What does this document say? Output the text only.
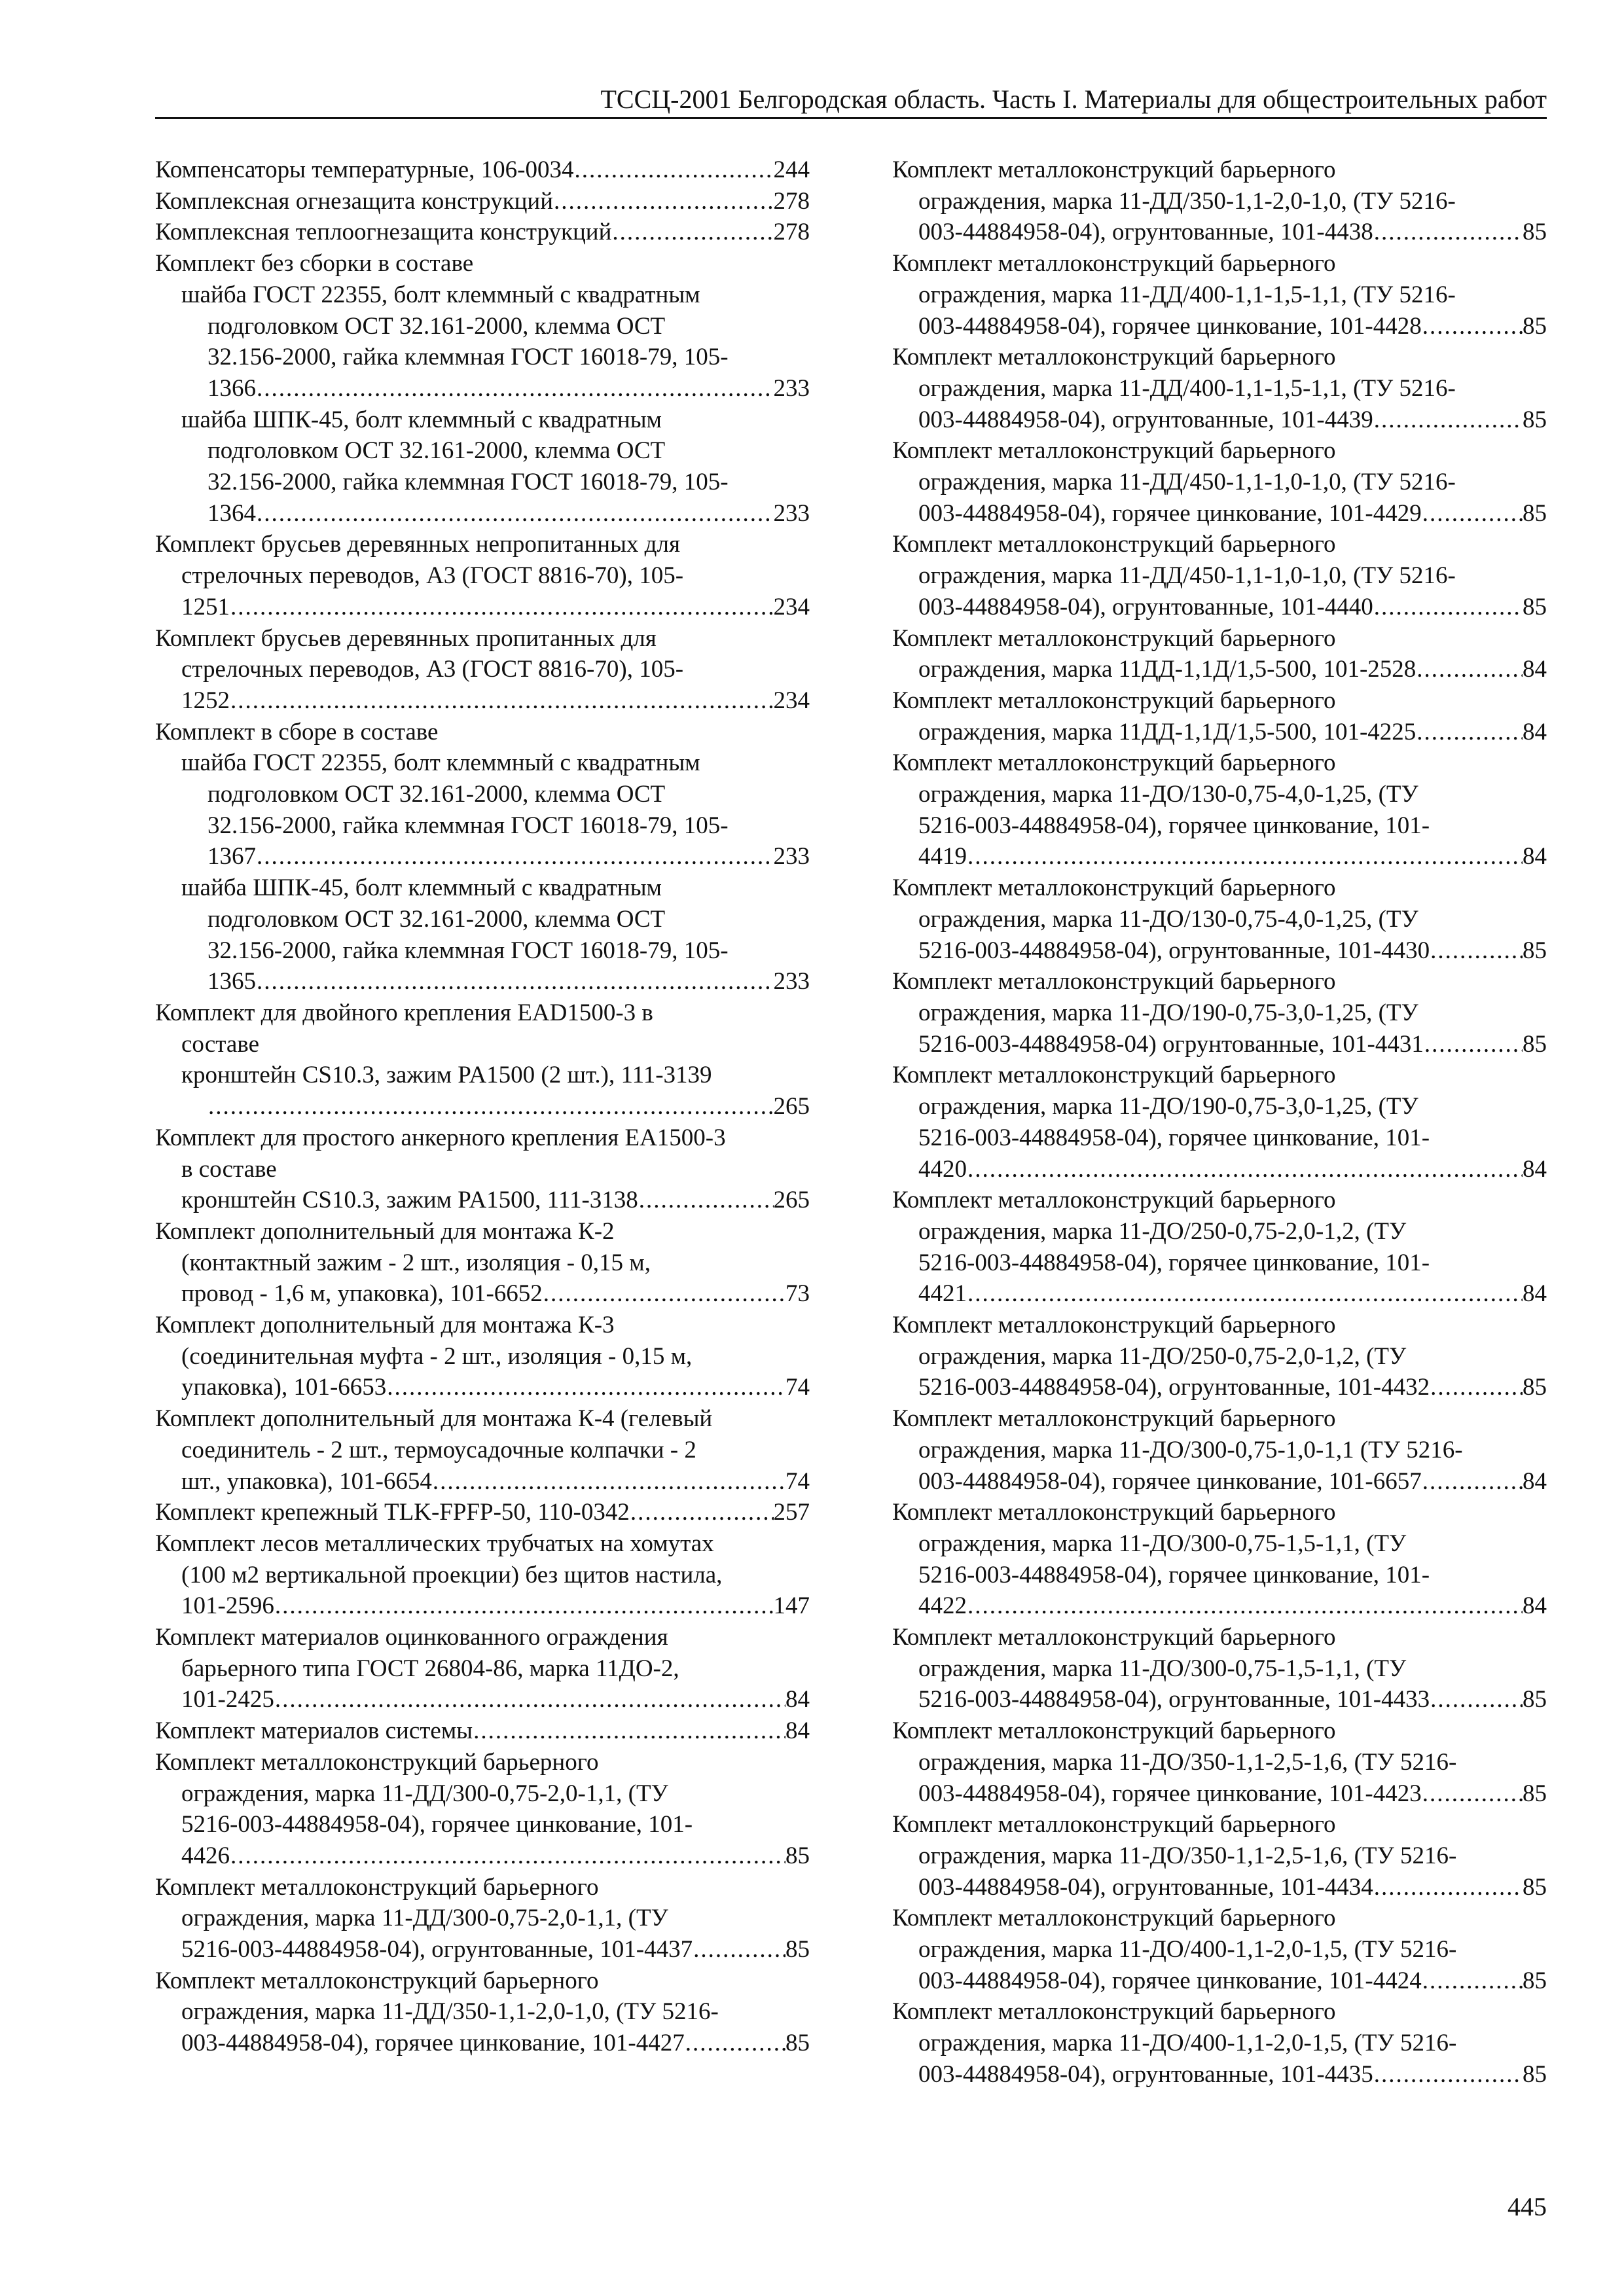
ТССЦ-2001 Белгородская область. Часть I. Материалы для общестроительных работ
Компенсаторы температурные, 106-0034 .....	244
Комплексная огнезащита конструкций .....	278
Комплексная теплоогнезащита конструкций .....	278
Комплект без сборки в составе
шайба ГОСТ 22355, болт клеммный с квадратным
подголовком ОСТ 32.161-2000, клемма ОСТ
32.156-2000, гайка клеммная ГОСТ 16018-79, 105-
1366 .....	233
шайба ШПК-45, болт клеммный с квадратным
подголовком ОСТ 32.161-2000, клемма ОСТ
32.156-2000, гайка клеммная ГОСТ 16018-79, 105-
1364 .....	233
Комплект брусьев деревянных непропитанных для
стрелочных переводов, А3 (ГОСТ 8816-70), 105-
1251 .....	234
Комплект брусьев деревянных пропитанных для
стрелочных переводов, А3 (ГОСТ 8816-70), 105-
1252 .....	234
Комплект в сборе в составе
шайба ГОСТ 22355, болт клеммный с квадратным
подголовком ОСТ 32.161-2000, клемма ОСТ
32.156-2000, гайка клеммная ГОСТ 16018-79, 105-
1367 .....	233
шайба ШПК-45, болт клеммный с квадратным
подголовком ОСТ 32.161-2000, клемма ОСТ
32.156-2000, гайка клеммная ГОСТ 16018-79, 105-
1365 .....	233
Комплект для двойного крепления EAD1500-3 в
составе
кронштейн CS10.3, зажим PA1500 (2 шт.), 111-3139
.....
265
Комплект для простого анкерного крепления EA1500-3
в составе
кронштейн CS10.3, зажим PA1500, 111-3138 .....	265
Комплект дополнительный для монтажа К-2
(контактный зажим - 2 шт., изоляция - 0,15 м,
провод - 1,6 м, упаковка), 101-6652 .....	73
Комплект дополнительный для монтажа К-3
(соединительная муфта - 2 шт., изоляция - 0,15 м,
упаковка), 101-6653 .....	74
Комплект дополнительный для монтажа К-4 (гелевый
соединитель - 2 шт., термоусадочные колпачки - 2
шт., упаковка), 101-6654 .....	74
Комплект крепежный TLK-FPFP-50, 110-0342 .....	257
Комплект лесов металлических трубчатых на хомутах
(100 м2 вертикальной проекции) без щитов настила,
101-2596 .....	147
Комплект материалов оцинкованного ограждения
барьерного типа ГОСТ 26804-86, марка 11ДО-2,
101-2425 .....	84
Комплект материалов системы .....	84
Комплект металлоконструкций барьерного
ограждения, марка 11-ДД/300-0,75-2,0-1,1, (ТУ
5216-003-44884958-04), горячее цинкование, 101-
4426 .....	85
Комплект металлоконструкций барьерного
ограждения, марка 11-ДД/300-0,75-2,0-1,1, (ТУ
5216-003-44884958-04), огрунтованные, 101-4437 .....	85
Комплект металлоконструкций барьерного
ограждения, марка 11-ДД/350-1,1-2,0-1,0, (ТУ 5216-
003-44884958-04), горячее цинкование, 101-4427 .....	85
Комплект металлоконструкций барьерного
ограждения, марка 11-ДД/350-1,1-2,0-1,0, (ТУ 5216-
003-44884958-04), огрунтованные, 101-4438 .....	85
Комплект металлоконструкций барьерного
ограждения, марка 11-ДД/400-1,1-1,5-1,1, (ТУ 5216-
003-44884958-04), горячее цинкование, 101-4428 .....	85
Комплект металлоконструкций барьерного
ограждения, марка 11-ДД/400-1,1-1,5-1,1, (ТУ 5216-
003-44884958-04), огрунтованные, 101-4439 .....	85
Комплект металлоконструкций барьерного
ограждения, марка 11-ДД/450-1,1-1,0-1,0, (ТУ 5216-
003-44884958-04), горячее цинкование, 101-4429 .....	85
Комплект металлоконструкций барьерного
ограждения, марка 11-ДД/450-1,1-1,0-1,0, (ТУ 5216-
003-44884958-04), огрунтованные, 101-4440 .....	85
Комплект металлоконструкций барьерного
ограждения, марка 11ДД-1,1Д/1,5-500, 101-2528 .....	84
Комплект металлоконструкций барьерного
ограждения, марка 11ДД-1,1Д/1,5-500, 101-4225 .....	84
Комплект металлоконструкций барьерного
ограждения, марка 11-ДО/130-0,75-4,0-1,25, (ТУ
5216-003-44884958-04), горячее цинкование, 101-
4419 .....	84
Комплект металлоконструкций барьерного
ограждения, марка 11-ДО/130-0,75-4,0-1,25, (ТУ
5216-003-44884958-04), огрунтованные, 101-4430 .....	85
Комплект металлоконструкций барьерного
ограждения, марка 11-ДО/190-0,75-3,0-1,25, (ТУ
5216-003-44884958-04) огрунтованные, 101-4431 .....	85
Комплект металлоконструкций барьерного
ограждения, марка 11-ДО/190-0,75-3,0-1,25, (ТУ
5216-003-44884958-04), горячее цинкование, 101-
4420 .....	84
Комплект металлоконструкций барьерного
ограждения, марка 11-ДО/250-0,75-2,0-1,2, (ТУ
5216-003-44884958-04), горячее цинкование, 101-
4421 .....	84
Комплект металлоконструкций барьерного
ограждения, марка 11-ДО/250-0,75-2,0-1,2, (ТУ
5216-003-44884958-04), огрунтованные, 101-4432 .....	85
Комплект металлоконструкций барьерного
ограждения, марка 11-ДО/300-0,75-1,0-1,1 (ТУ 5216-
003-44884958-04), горячее цинкование, 101-6657 .....	84
Комплект металлоконструкций барьерного
ограждения, марка 11-ДО/300-0,75-1,5-1,1, (ТУ
5216-003-44884958-04), горячее цинкование, 101-
4422 .....	84
Комплект металлоконструкций барьерного
ограждения, марка 11-ДО/300-0,75-1,5-1,1, (ТУ
5216-003-44884958-04), огрунтованные, 101-4433 .....	85
Комплект металлоконструкций барьерного
ограждения, марка 11-ДО/350-1,1-2,5-1,6, (ТУ 5216-
003-44884958-04), горячее цинкование, 101-4423 .....	85
Комплект металлоконструкций барьерного
ограждения, марка 11-ДО/350-1,1-2,5-1,6, (ТУ 5216-
003-44884958-04), огрунтованные, 101-4434 .....	85
Комплект металлоконструкций барьерного
ограждения, марка 11-ДО/400-1,1-2,0-1,5, (ТУ 5216-
003-44884958-04), горячее цинкование, 101-4424 .....	85
Комплект металлоконструкций барьерного
ограждения, марка 11-ДО/400-1,1-2,0-1,5, (ТУ 5216-
003-44884958-04), огрунтованные, 101-4435 .....	85
445
